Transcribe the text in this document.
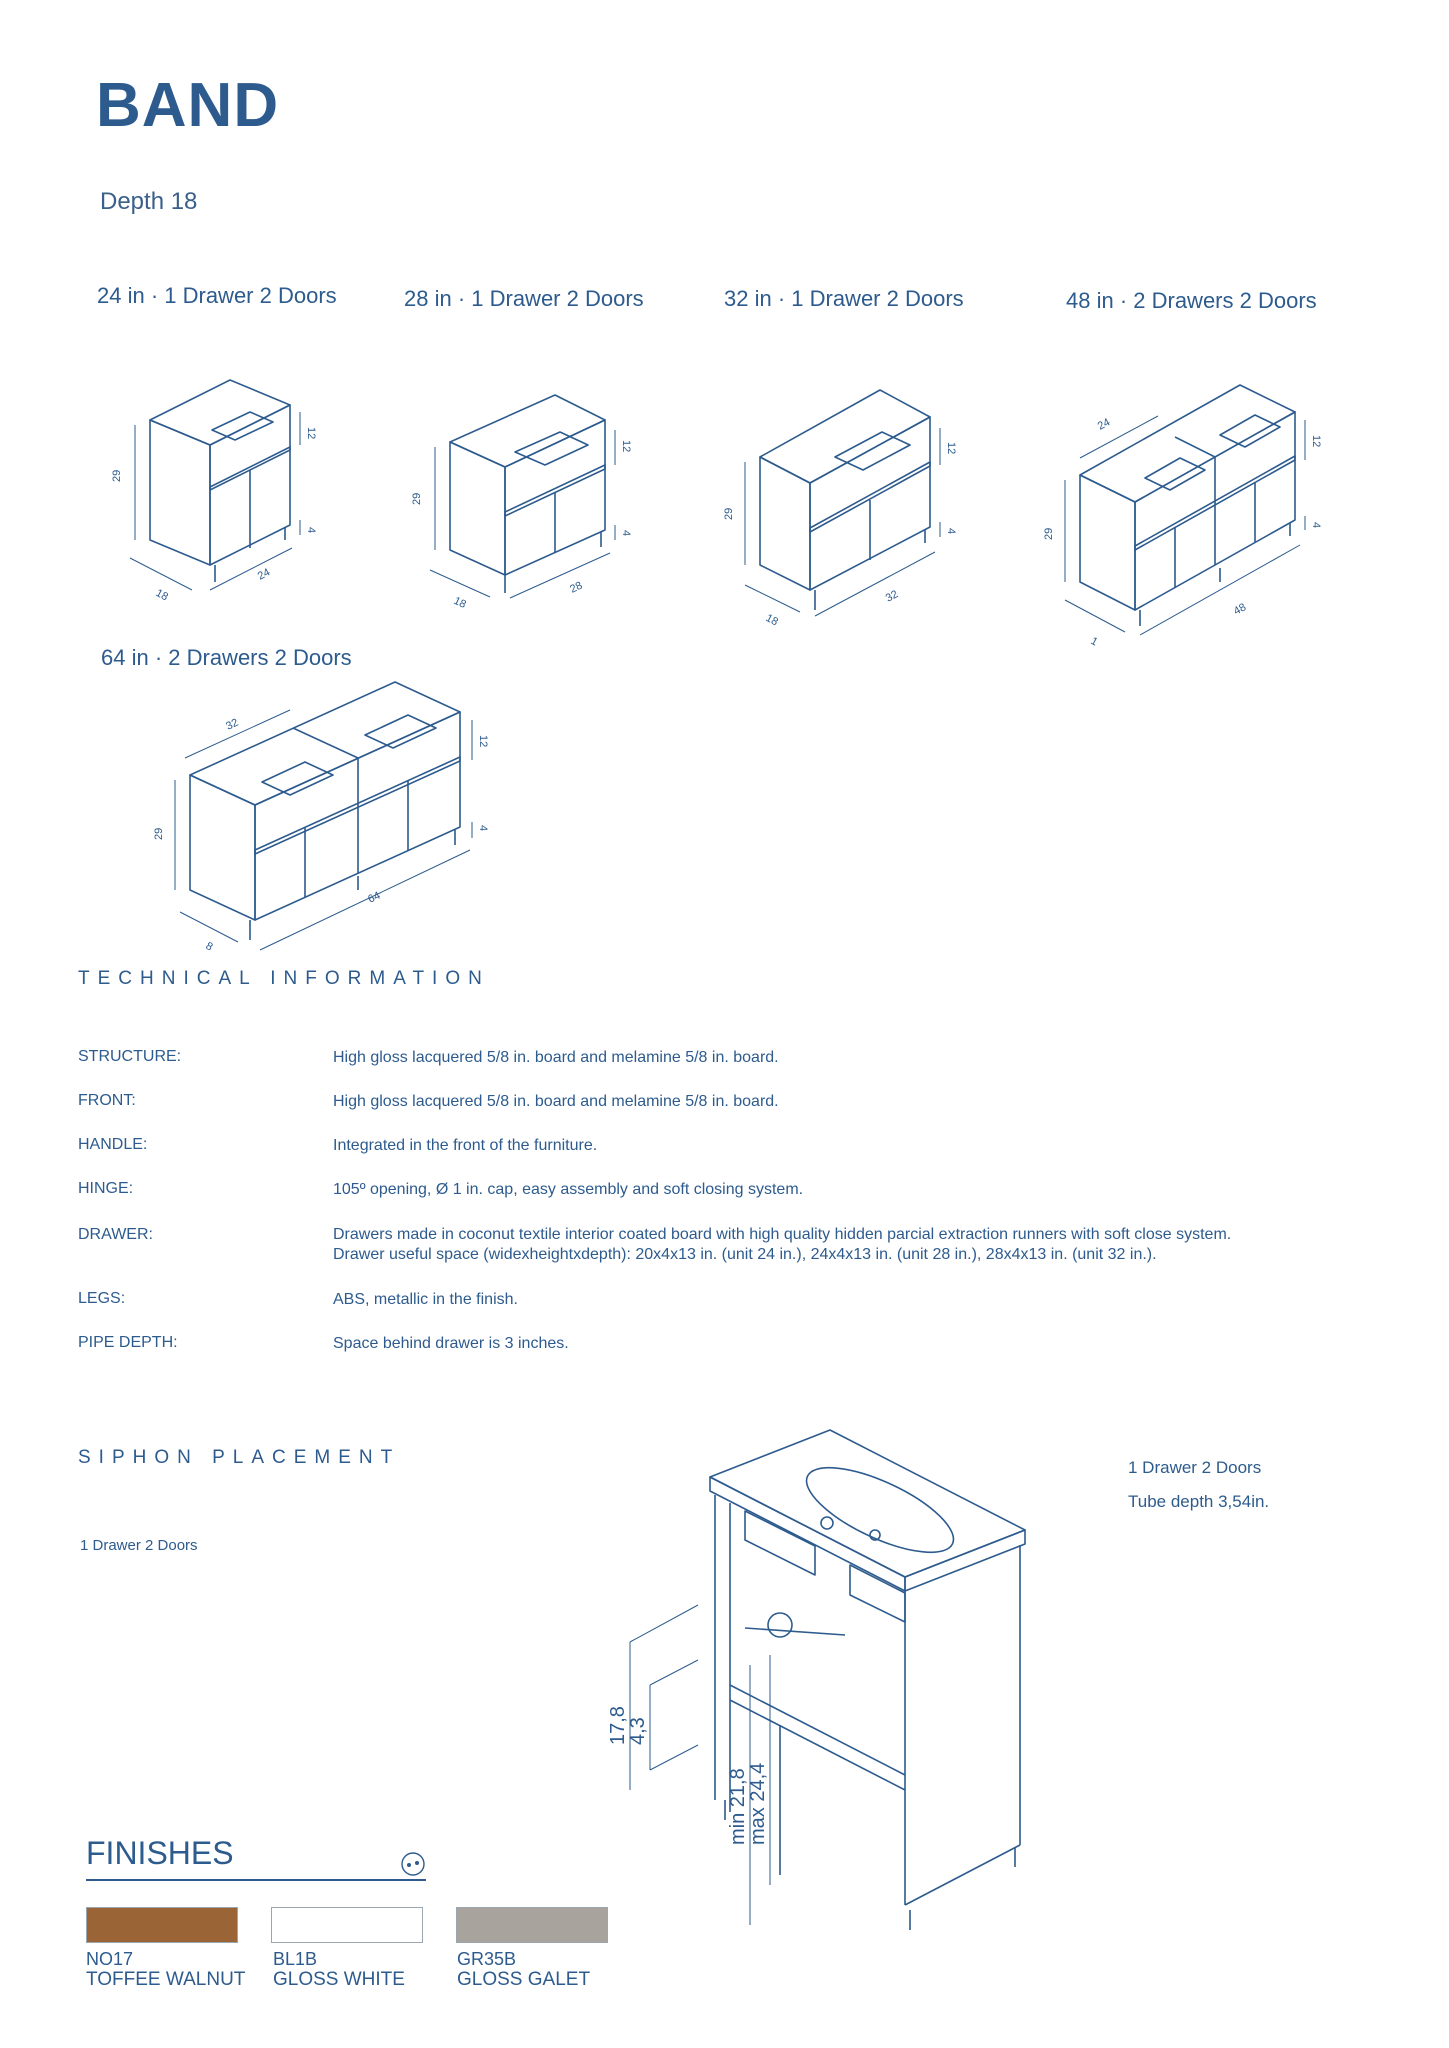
BAND
Depth 18
24 in · 1 Drawer 2 Doors	28 in · 1 Drawer 2 Doors	32 in · 1 Drawer 2 Doors	48 in · 2 Drawers 2 Doors
64 in · 2 Drawers 2 Doors
29
12
4
18
24
29
12
4
18
28
29
12
4
18
32
29
24
12
4
1
48
29
32
12
4
8
64
TECHNICAL INFORMATION
STRUCTURE:	High gloss lacquered 5/8 in. board and melamine 5/8 in. board.
FRONT:	High gloss lacquered 5/8 in. board and melamine 5/8 in. board.
HANDLE:	Integrated in the front of the furniture.
HINGE:	105º opening, Ø 1 in. cap, easy assembly and soft closing system.
DRAWER:	Drawers made in coconut textile interior coated board with high quality hidden parcial extraction runners with soft close system.
Drawer useful space (widexheightxdepth): 20x4x13 in. (unit 24 in.), 24x4x13 in. (unit 28 in.), 28x4x13 in. (unit 32 in.).
LEGS:	ABS, metallic in the finish.
PIPE DEPTH:	Space behind drawer is 3 inches.
SIPHON PLACEMENT
1 Drawer 2 Doors
1 Drawer 2 Doors
Tube depth 3,54in.
17,8
4,3
min 21,8
max 24,4
FINISHES
NO17
TOFFEE WALNUT
BL1B
GLOSS WHITE
GR35B
GLOSS GALET
